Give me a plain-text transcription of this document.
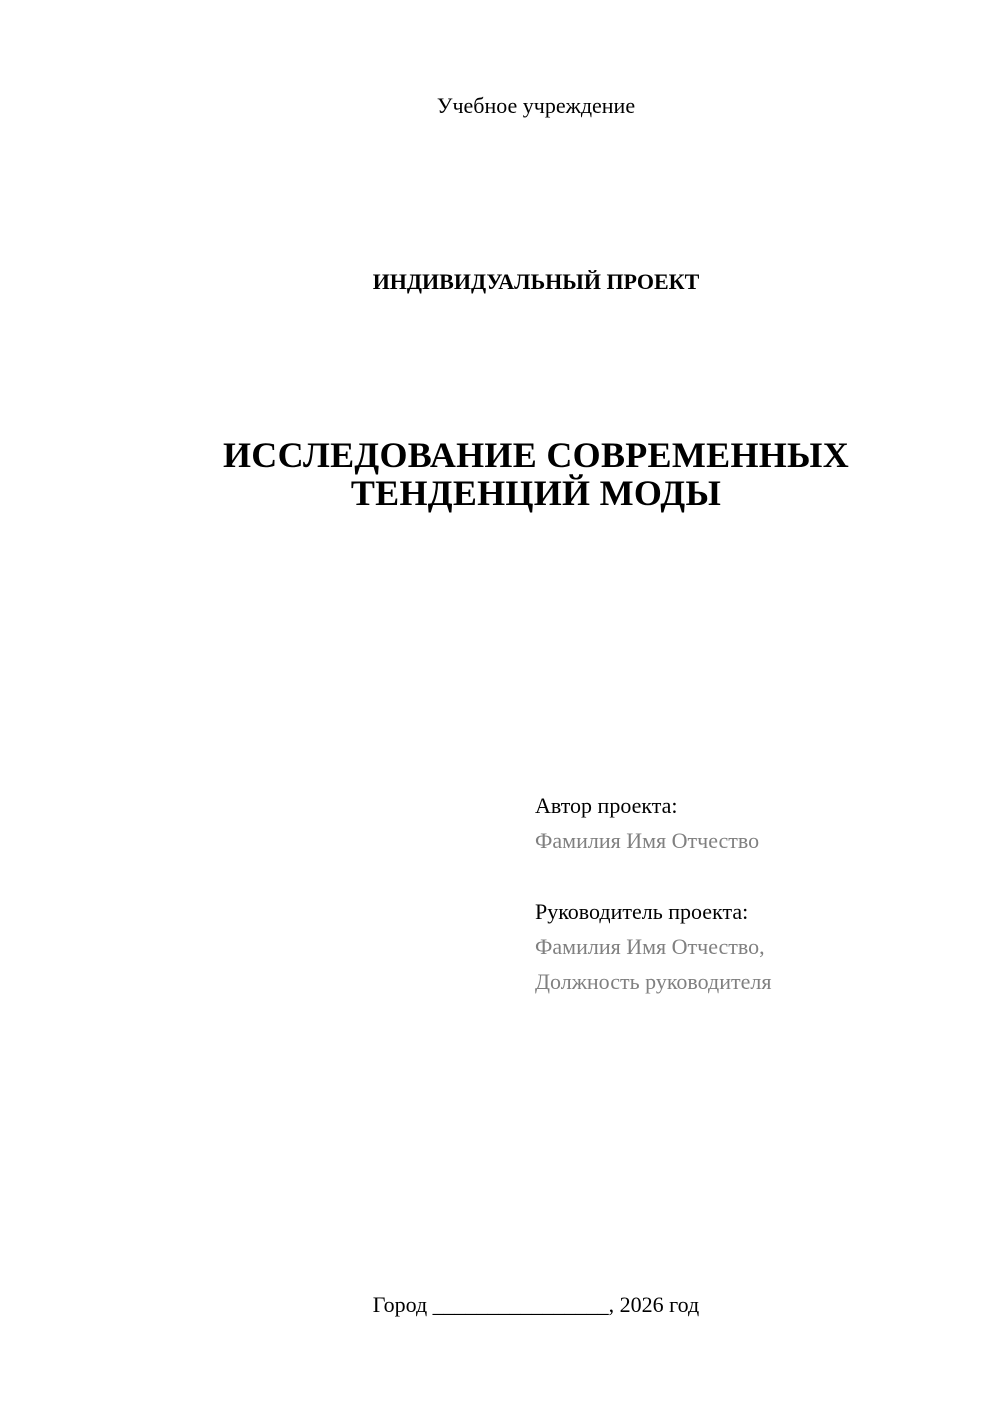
Учебное учреждение
ИНДИВИДУАЛЬНЫЙ ПРОЕКТ
ИССЛЕДОВАНИЕ СОВРЕМЕННЫХ
ТЕНДЕНЦИЙ МОДЫ
Автор проекта:
Фамилия Имя Отчество
Руководитель проекта:
Фамилия Имя Отчество,
Должность руководителя
Город ________________, 2026 год
